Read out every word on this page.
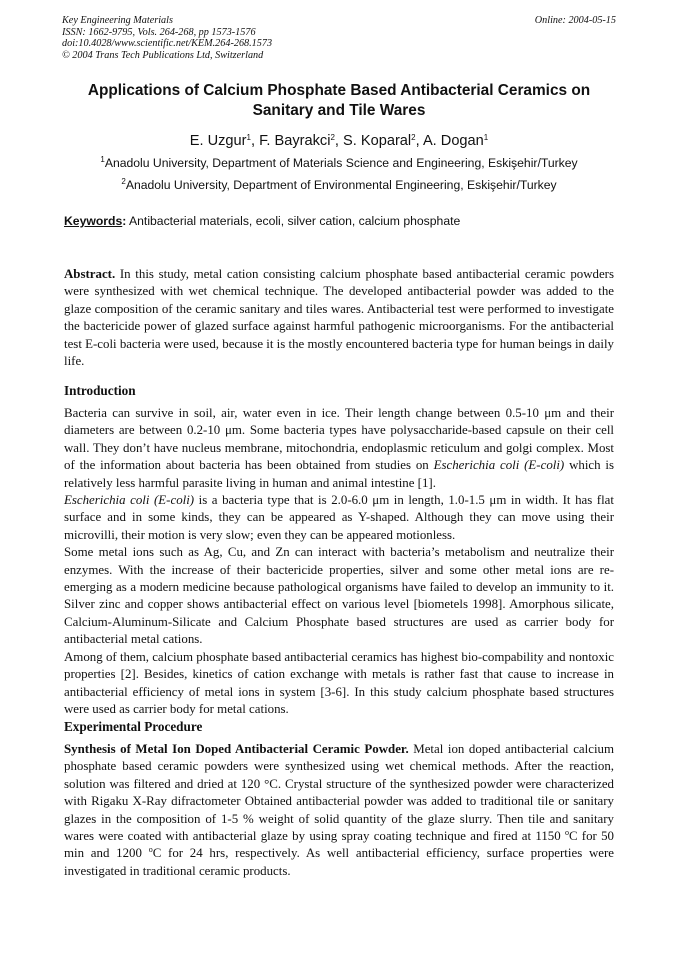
Key Engineering Materials
ISSN: 1662-9795, Vols. 264-268, pp 1573-1576
doi:10.4028/www.scientific.net/KEM.264-268.1573
© 2004 Trans Tech Publications Ltd, Switzerland
Online: 2004-05-15
Applications of Calcium Phosphate Based Antibacterial Ceramics on Sanitary and Tile Wares
E. Uzgur$^1$, F. Bayrakci$^2$, S. Koparal$^2$, A. Dogan$^1$
$^1$Anadolu University, Department of Materials Science and Engineering, Eskişehir/Turkey
$^2$Anadolu University, Department of Environmental Engineering, Eskişehir/Turkey
Keywords: Antibacterial materials, ecoli, silver cation, calcium phosphate

Abstract. In this study, metal cation consisting calcium phosphate based antibacterial ceramic powders were synthesized with wet chemical technique. The developed antibacterial powder was added to the glaze composition of the ceramic sanitary and tiles wares. Antibacterial test were performed to investigate the bactericide power of glazed surface against harmful pathogenic microorganisms. For the antibacterial test E-coli bacteria were used, because it is the mostly encountered bacteria type for human beings in daily life.

Introduction

Bacteria can survive in soil, air, water even in ice. Their length change between 0.5-10 μm and their diameters are between 0.2-10 μm. Some bacteria types have polysaccharide-based capsule on their cell wall. They don’t have nucleus membrane, mitochondria, endoplasmic reticulum and golgi complex. Most of the information about bacteria has been obtained from studies on Escherichia coli (E-coli) which is relatively less harmful parasite living in human and animal intestine [1].

Escherichia coli (E-coli) is a bacteria type that is 2.0-6.0 μm in length, 1.0-1.5 μm in width. It has flat surface and in some kinds, they can be appeared as Y-shaped. Although they can move using their microvilli, their motion is very slow; even they can be appeared motionless.

Some metal ions such as Ag, Cu, and Zn can interact with bacteria’s metabolism and neutralize their enzymes. With the increase of their bactericide properties, silver and some other metal ions are re-emerging as a modern medicine because pathological organisms have failed to develop an immunity to it. Silver zinc and copper shows antibacterial effect on various level [biometels 1998]. Amorphous silicate, Calcium-Aluminum-Silicate and Calcium Phosphate based structures are used as carrier body for antibacterial metal cations.

Among of them, calcium phosphate based antibacterial ceramics has highest bio-compability and nontoxic properties [2]. Besides, kinetics of cation exchange with metals is rather fast that cause to increase in antibacterial efficiency of metal ions in system [3-6]. In this study calcium phosphate based structures were used as carrier body for metal cations.

Experimental Procedure

Synthesis of Metal Ion Doped Antibacterial Ceramic Powder. Metal ion doped antibacterial calcium phosphate based ceramic powders were synthesized using wet chemical methods. After the reaction, solution was filtered and dried at 120 °C. Crystal structure of the synthesized powder were characterized with Rigaku X-Ray difractometer Obtained antibacterial powder was added to traditional tile or sanitary glazes in the composition of 1-5 % weight of solid quantity of the glaze slurry. Then tile and sanitary wares were coated with antibacterial glaze by using spray coating technique and fired at 1150 $^o$C for 50 min and 1200 $^o$C for 24 hrs, respectively. As well antibacterial efficiency, surface properties were investigated in traditional ceramic products.
